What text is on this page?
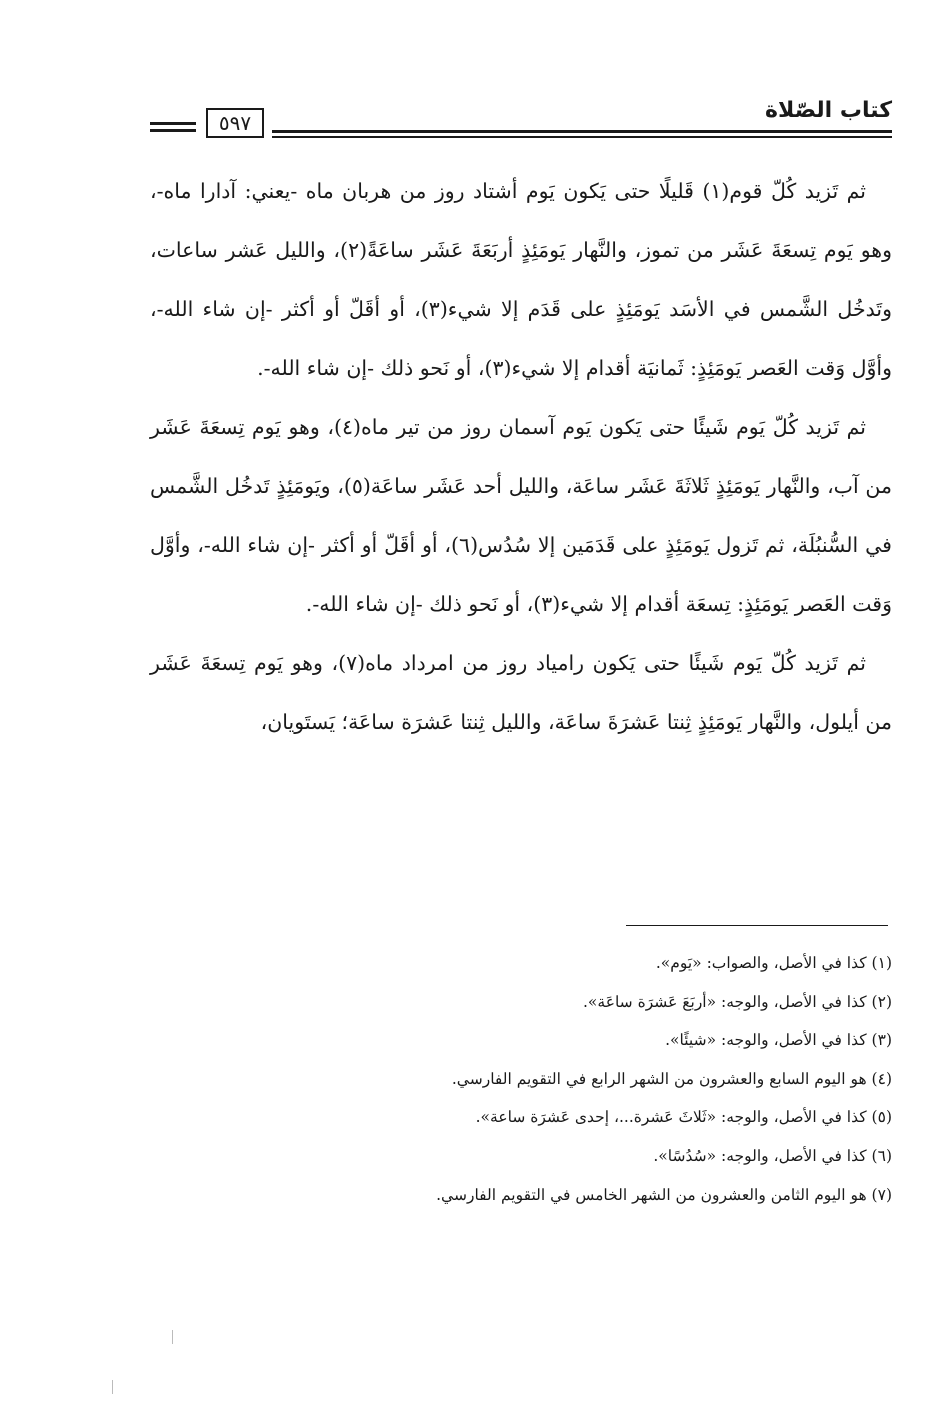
كتاب الصّلاة
٥٩٧

ثم تَزيد كُلّ قوم(١) قَليلًا حتى يَكون يَوم أشتاد روز من هربان ماه -يعني: آدارا ماه-، وهو يَوم تِسعَةَ عَشَر من تموز، والنَّهار يَومَئِذٍ أربَعَةَ عَشَر ساعَةً(٢)، والليل عَشر ساعات، وتَدخُل الشَّمس في الأسَد يَومَئِذٍ على قَدَم إلا شيء(٣)، أو أقَلّ أو أكثر -إن شاء الله-، وأوَّل وَقت العَصر يَومَئِذٍ: ثَمانيَة أقدام إلا شيء(٣)، أو نَحو ذلك -إن شاء الله-.

ثم تَزيد كُلّ يَوم شَيئًا حتى يَكون يَوم آسمان روز من تير ماه(٤)، وهو يَوم تِسعَةَ عَشَر من آب، والنَّهار يَومَئِذٍ ثَلاثَةَ عَشَر ساعَة، والليل أحد عَشَر ساعَة(٥)، ويَومَئِذٍ تَدخُل الشَّمس في السُّنبُلَة، ثم تَزول يَومَئِذٍ على قَدَمَين إلا سُدُس(٦)، أو أقَلّ أو أكثر -إن شاء الله-، وأوَّل وَقت العَصر يَومَئِذٍ: تِسعَة أقدام إلا شيء(٣)، أو نَحو ذلك -إن شاء الله-.

ثم تَزيد كُلّ يَوم شَيئًا حتى يَكون رامياد روز من امرداد ماه(٧)، وهو يَوم تِسعَةَ عَشَر من أيلول، والنَّهار يَومَئِذٍ ثِنتا عَشرَةَ ساعَة، والليل ثِنتا عَشرَة ساعَة؛ يَستَويان،

(١) كذا في الأصل، والصواب: «يَوم».
(٢) كذا في الأصل، والوجه: «أربَعَ عَشرَة ساعَة».
(٣) كذا في الأصل، والوجه: «شيئًا».
(٤) هو اليوم السابع والعشرون من الشهر الرابع في التقويم الفارسي.
(٥) كذا في الأصل، والوجه: «ثَلاثَ عَشرة...، إحدى عَشرَة ساعة».
(٦) كذا في الأصل، والوجه: «سُدُسًا».
(٧) هو اليوم الثامن والعشرون من الشهر الخامس في التقويم الفارسي.
